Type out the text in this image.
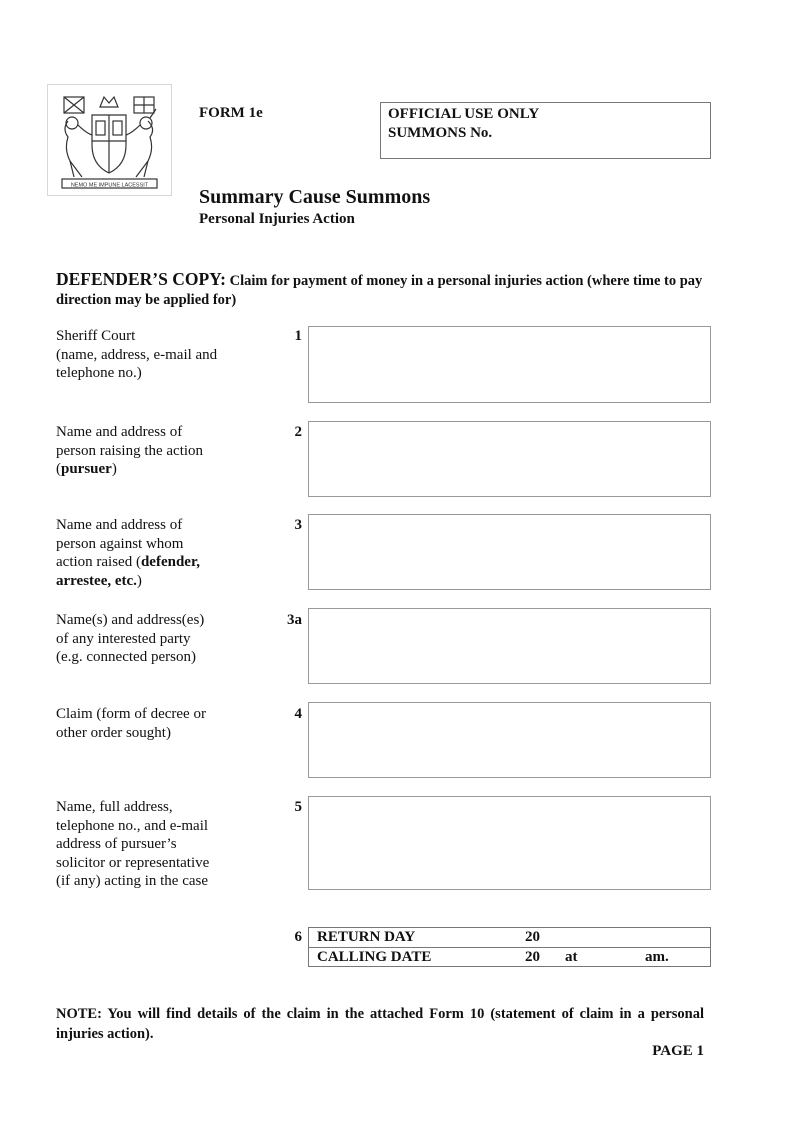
NEMO ME IMPUNE LACESSIT
FORM 1e	OFFICIAL USE ONLY
SUMMONS No.
Summary Cause Summons
Personal Injuries Action
DEFENDER’S COPY: Claim for payment of money in a personal injuries action (where time to pay direction may be applied for)
Sheriff Court
(name, address, e-mail and
telephone no.)
1
Name and address of
person raising the action
(pursuer)
2
Name and address of
person against whom
action raised (defender,
arrestee, etc.)
3
Name(s) and address(es)
of any interested party
(e.g. connected person)
3a
Claim (form of decree or
other order sought)
4
Name, full address,
telephone no., and e-mail
address of pursuer’s
solicitor or representative
(if any) acting in the case
5
6 RETURN DAY	20
CALLING DATE	20 at	am.
NOTE: You will find details of the claim in the attached Form 10 (statement of claim in a personal injuries action).
PAGE 1
